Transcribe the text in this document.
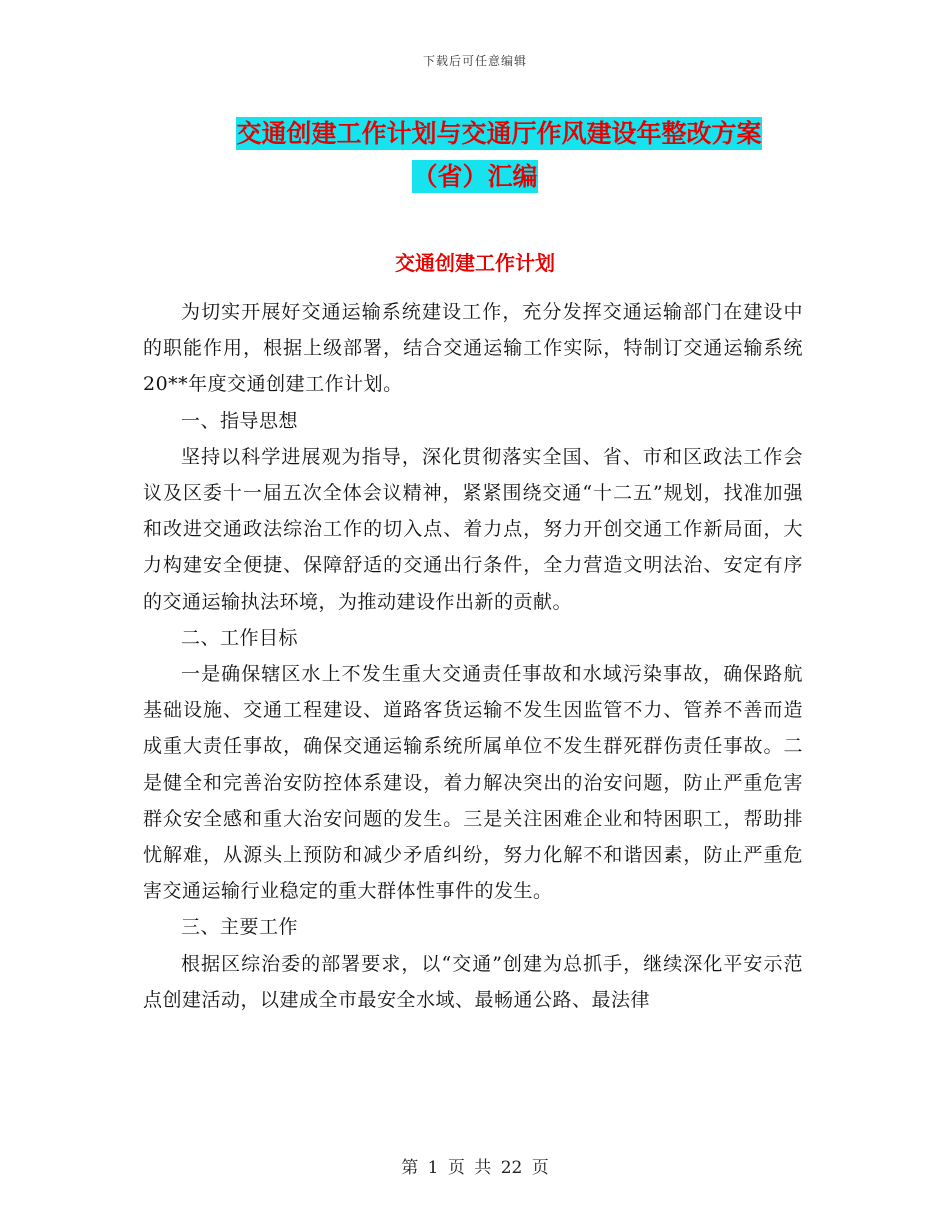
下载后可任意编辑
交通创建工作计划与交通厅作风建设年整改方案
（省）汇编
交通创建工作计划

为切实开展好交通运输系统建设工作，充分发挥交通运输部门在建设中的职能作用，根据上级部署，结合交通运输工作实际，特制订交通运输系统20**年度交通创建工作计划。

一、指导思想

坚持以科学进展观为指导，深化贯彻落实全国、省、市和区政法工作会议及区委十一届五次全体会议精神，紧紧围绕交通“十二五”规划，找准加强和改进交通政法综治工作的切入点、着力点，努力开创交通工作新局面，大力构建安全便捷、保障舒适的交通出行条件，全力营造文明法治、安定有序的交通运输执法环境，为推动建设作出新的贡献。

二、工作目标

一是确保辖区水上不发生重大交通责任事故和水域污染事故，确保路航基础设施、交通工程建设、道路客货运输不发生因监管不力、管养不善而造成重大责任事故，确保交通运输系统所属单位不发生群死群伤责任事故。二是健全和完善治安防控体系建设，着力解决突出的治安问题，防止严重危害群众安全感和重大治安问题的发生。三是关注困难企业和特困职工，帮助排忧解难，从源头上预防和减少矛盾纠纷，努力化解不和谐因素，防止严重危害交通运输行业稳定的重大群体性事件的发生。

三、主要工作

根据区综治委的部署要求，以“交通”创建为总抓手，继续深化平安示范点创建活动，以建成全市最安全水域、最畅通公路、最法律

第 1 页 共 22 页
